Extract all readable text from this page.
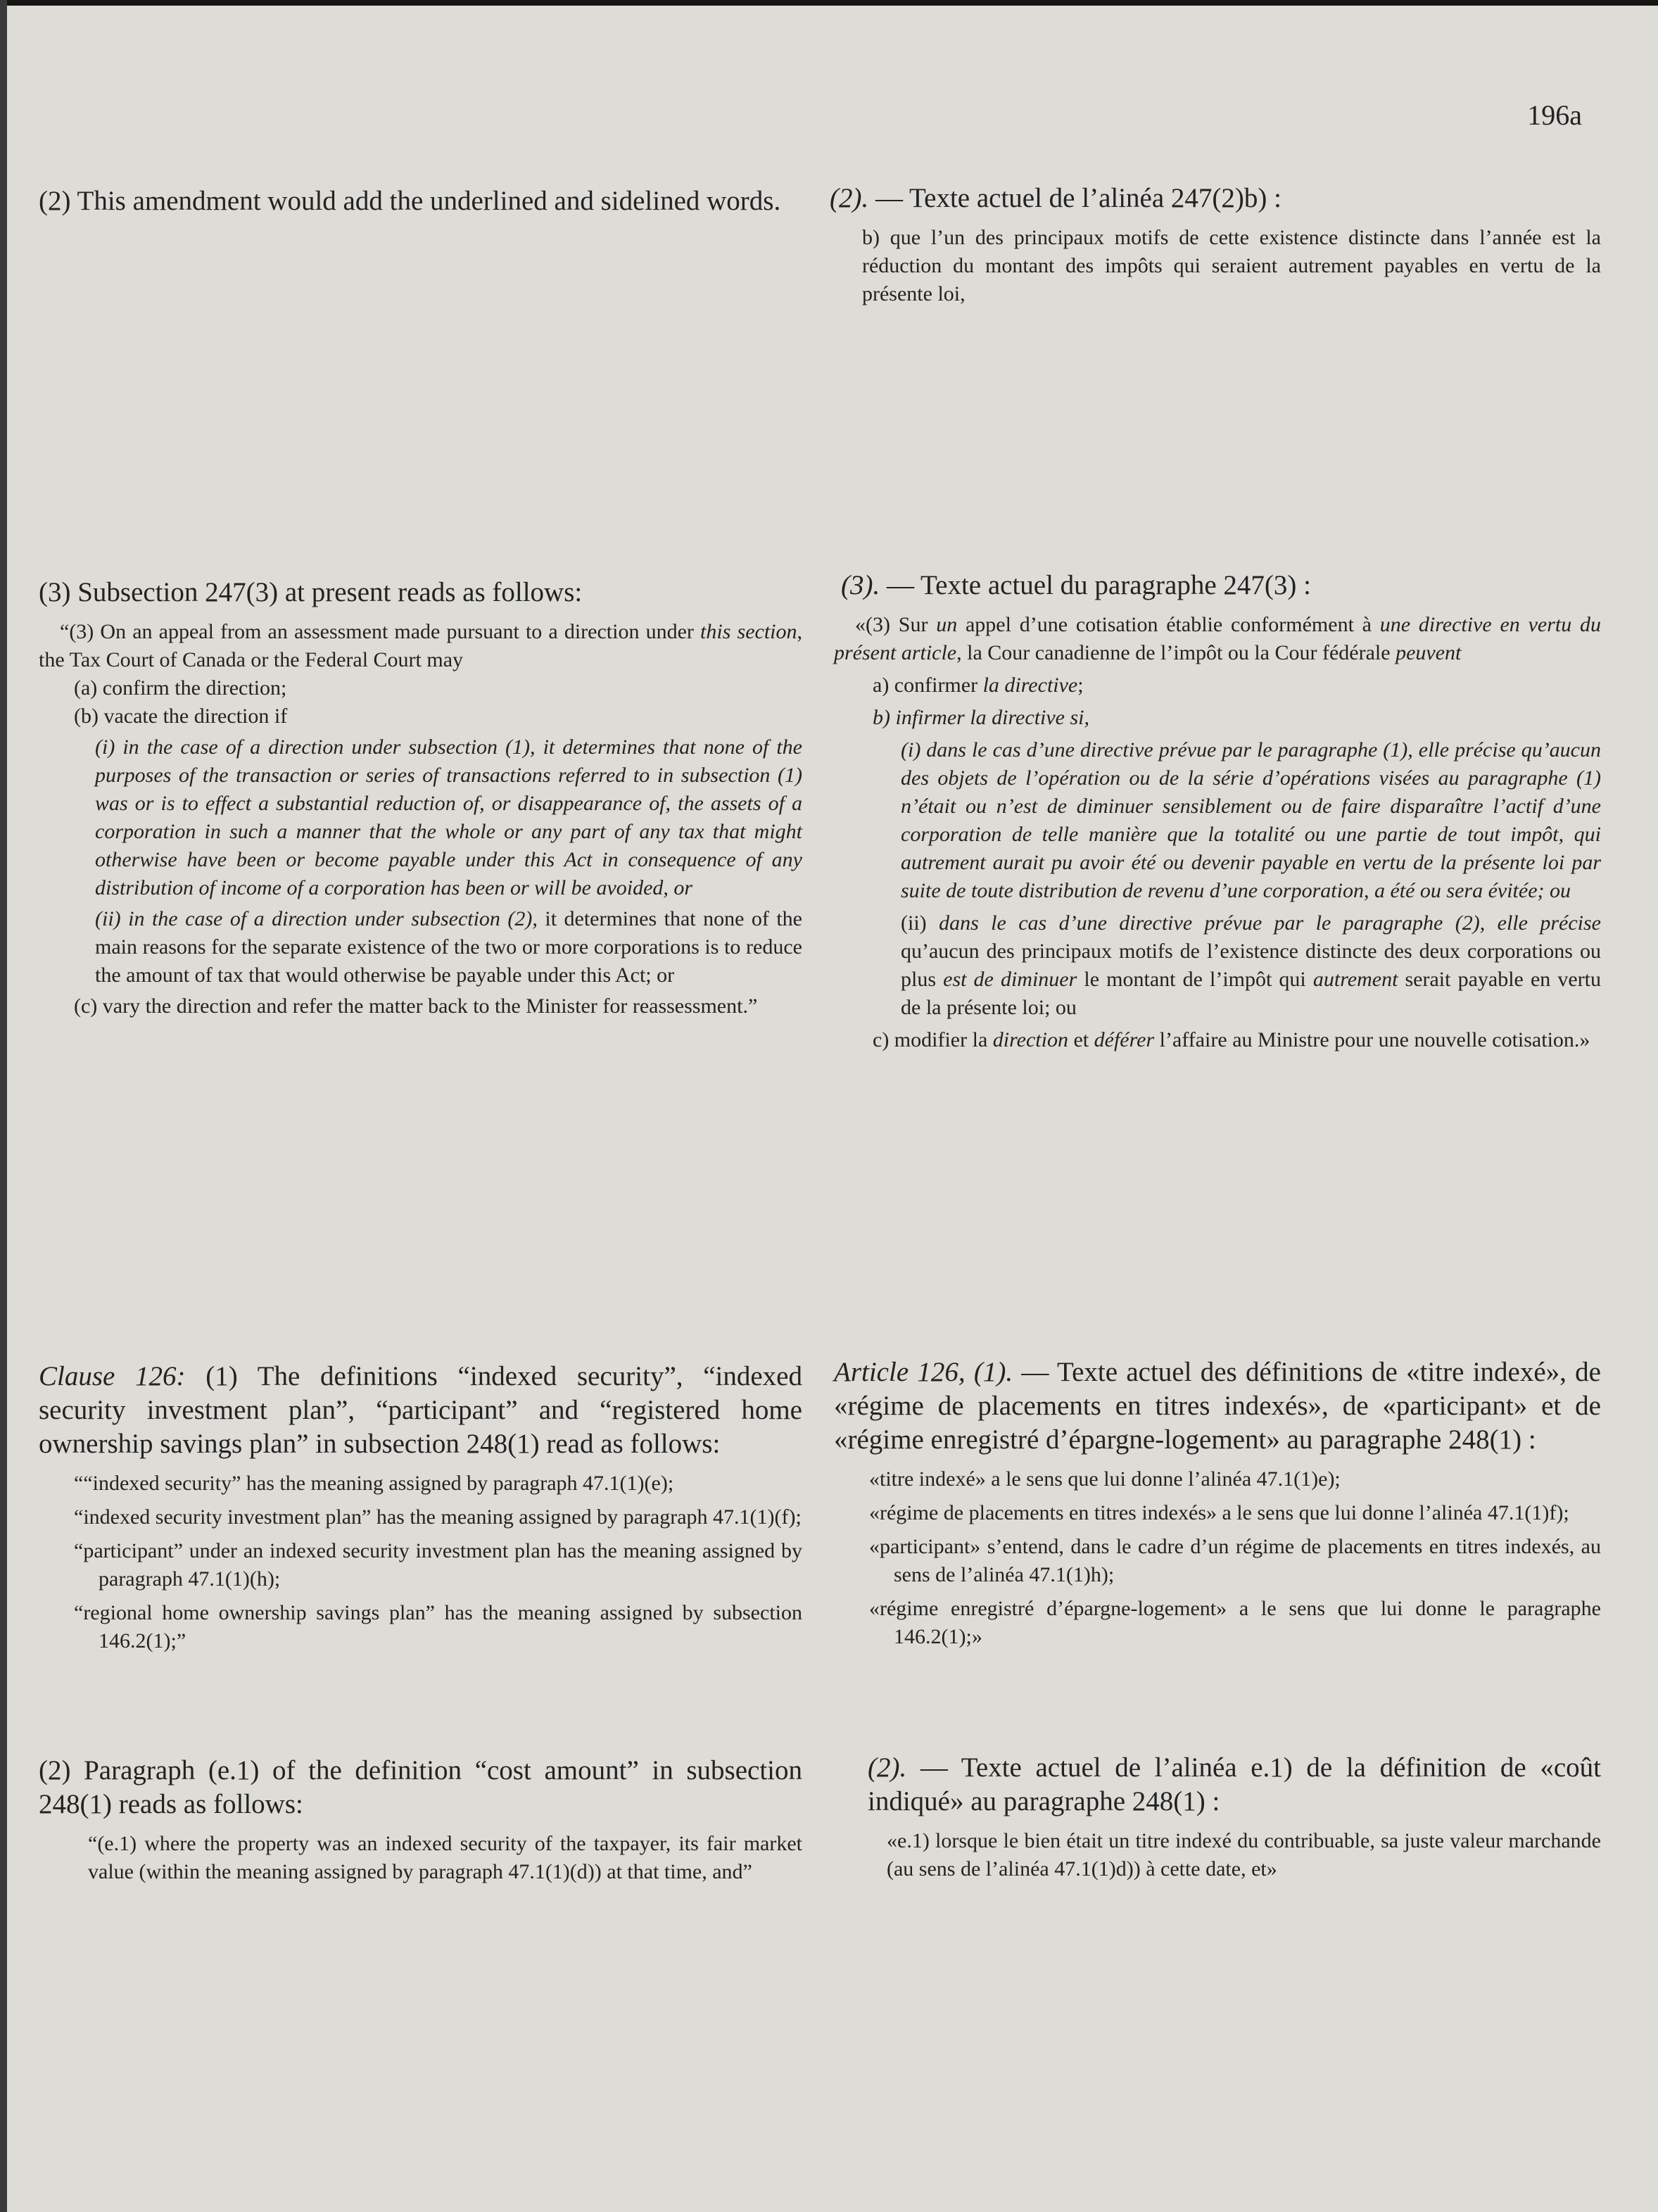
196a

(2) This amendment would add the underlined and sidelined words.

(3) Subsection 247(3) at present reads as follows:

“(3) On an appeal from an assessment made pursuant to a direction under this section, the Tax Court of Canada or the Federal Court may

(a) confirm the direction;

(b) vacate the direction if

(i) in the case of a direction under subsection (1), it determines that none of the purposes of the transaction or series of transactions referred to in subsection (1) was or is to effect a substantial reduction of, or disappearance of, the assets of a corporation in such a manner that the whole or any part of any tax that might otherwise have been or become payable under this Act in consequence of any distribution of income of a corporation has been or will be avoided, or

(ii) in the case of a direction under subsection (2), it determines that none of the main reasons for the separate existence of the two or more corporations is to reduce the amount of tax that would otherwise be payable under this Act; or

(c) vary the direction and refer the matter back to the Minister for reassessment.”

Clause 126: (1) The definitions “indexed security”, “indexed security investment plan”, “participant” and “registered home ownership savings plan” in subsection 248(1) read as follows:

““indexed security” has the meaning assigned by paragraph 47.1(1)(e);

“indexed security investment plan” has the meaning assigned by paragraph 47.1(1)(f);

“participant” under an indexed security investment plan has the meaning assigned by paragraph 47.1(1)(h);

“regional home ownership savings plan” has the meaning assigned by subsection 146.2(1);”

(2) Paragraph (e.1) of the definition “cost amount” in subsection 248(1) reads as follows:

“(e.1) where the property was an indexed security of the taxpayer, its fair market value (within the meaning assigned by paragraph 47.1(1)(d)) at that time, and”

(2). — Texte actuel de l’alinéa 247(2)b) :

b) que l’un des principaux motifs de cette existence distincte dans l’année est la réduction du montant des impôts qui seraient autrement payables en vertu de la présente loi,

(3). — Texte actuel du paragraphe 247(3) :

«(3) Sur un appel d’une cotisation établie conformément à une directive en vertu du présent article, la Cour canadienne de l’impôt ou la Cour fédérale peuvent

a) confirmer la directive;

b) infirmer la directive si,

(i) dans le cas d’une directive prévue par le paragraphe (1), elle précise qu’aucun des objets de l’opération ou de la série d’opérations visées au paragraphe (1) n’était ou n’est de diminuer sensiblement ou de faire disparaître l’actif d’une corporation de telle manière que la totalité ou une partie de tout impôt, qui autrement aurait pu avoir été ou devenir payable en vertu de la présente loi par suite de toute distribution de revenu d’une corporation, a été ou sera évitée; ou

(ii) dans le cas d’une directive prévue par le paragraphe (2), elle précise qu’aucun des principaux motifs de l’existence distincte des deux corporations ou plus est de diminuer le montant de l’impôt qui autrement serait payable en vertu de la présente loi; ou

c) modifier la direction et déférer l’affaire au Ministre pour une nouvelle cotisation.»

Article 126, (1). — Texte actuel des définitions de «titre indexé», de «régime de placements en titres indexés», de «participant» et de «régime enregistré d’épargne-logement» au paragraphe 248(1) :

«titre indexé» a le sens que lui donne l’alinéa 47.1(1)e);

«régime de placements en titres indexés» a le sens que lui donne l’alinéa 47.1(1)f);

«participant» s’entend, dans le cadre d’un régime de placements en titres indexés, au sens de l’alinéa 47.1(1)h);

«régime enregistré d’épargne-logement» a le sens que lui donne le paragraphe 146.2(1);»

(2). — Texte actuel de l’alinéa e.1) de la définition de «coût indiqué» au paragraphe 248(1) :

«e.1) lorsque le bien était un titre indexé du contribuable, sa juste valeur marchande (au sens de l’alinéa 47.1(1)d)) à cette date, et»
